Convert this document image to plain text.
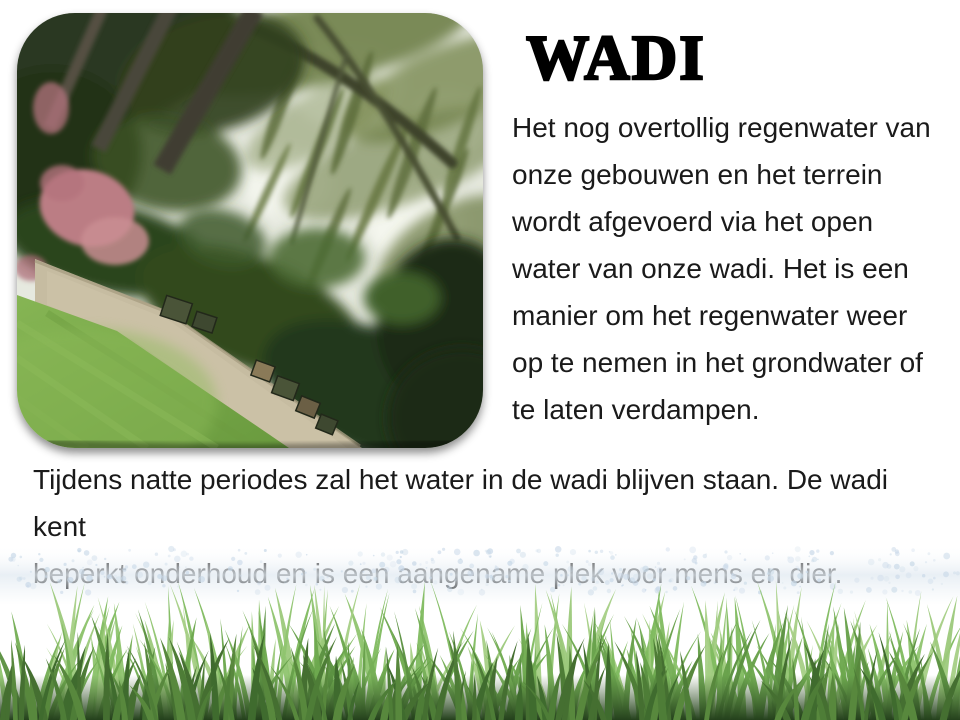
WADI
Het nog overtollig regenwater van
onze gebouwen en het terrein
wordt afgevoerd via het open
water van onze wadi. Het is een
manier om het regenwater weer
op te nemen in het grondwater of
te laten verdampen.
Tijdens natte periodes zal het water in de wadi blijven staan. De wadi kent
